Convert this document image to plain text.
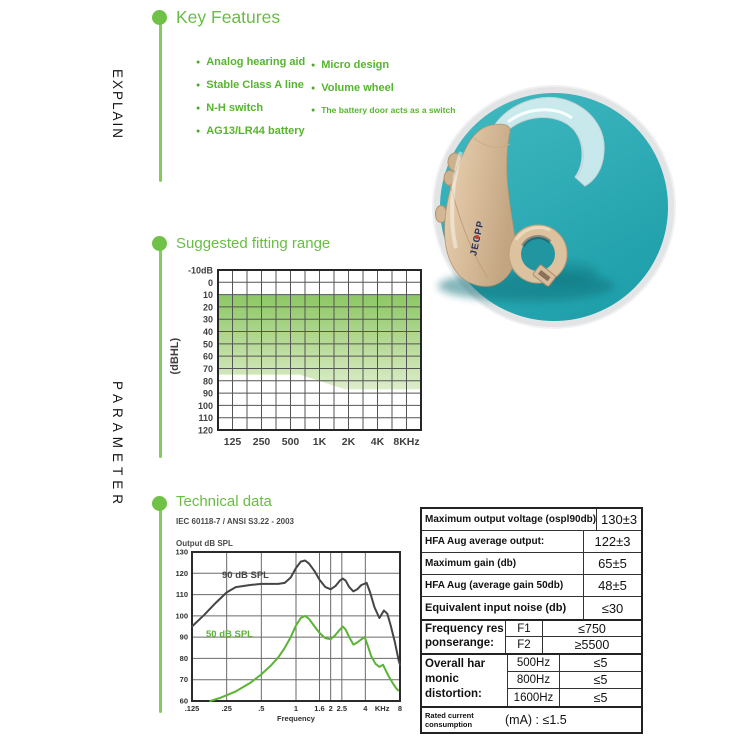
EXPLAIN
PARAMETER
Key Features
Suggested fitting range
Technical data
● Analog hearing aid
● Stable Class A line
● N-H switch
● AG13/LR44 battery
● Micro design
● Volume wheel
● The battery door acts as a switch
-10dB
0
10
20
30
40
50
60
70
80
90
100
110
120
125 250 500 1K 2K 4K 8KHz
(dBHL)
IEC 60118-7 / ANSI S3.22 - 2003
Output dB SPL
130
120
110
100
90
80
70
60
.125	.25	.5	1 1.6 2 2.5 4 KHz 8
Frequency
90 dB SPL
50 dB SPL
Maximum output voltage (ospl90db) 130±3
HFA Aug average output:	122±3
Maximum gain (db)	65±5
HFA Aug (average gain 50db)	48±5
Equivalent input noise (db)	≤30
Frequency res
ponserange:
F1	≤750
F2	≥5500
Overall har
monic
distortion:
500Hz	≤5
800Hz	≤5
1600Hz	≤5
Rated current
consumption	(mA) : ≤1.5
